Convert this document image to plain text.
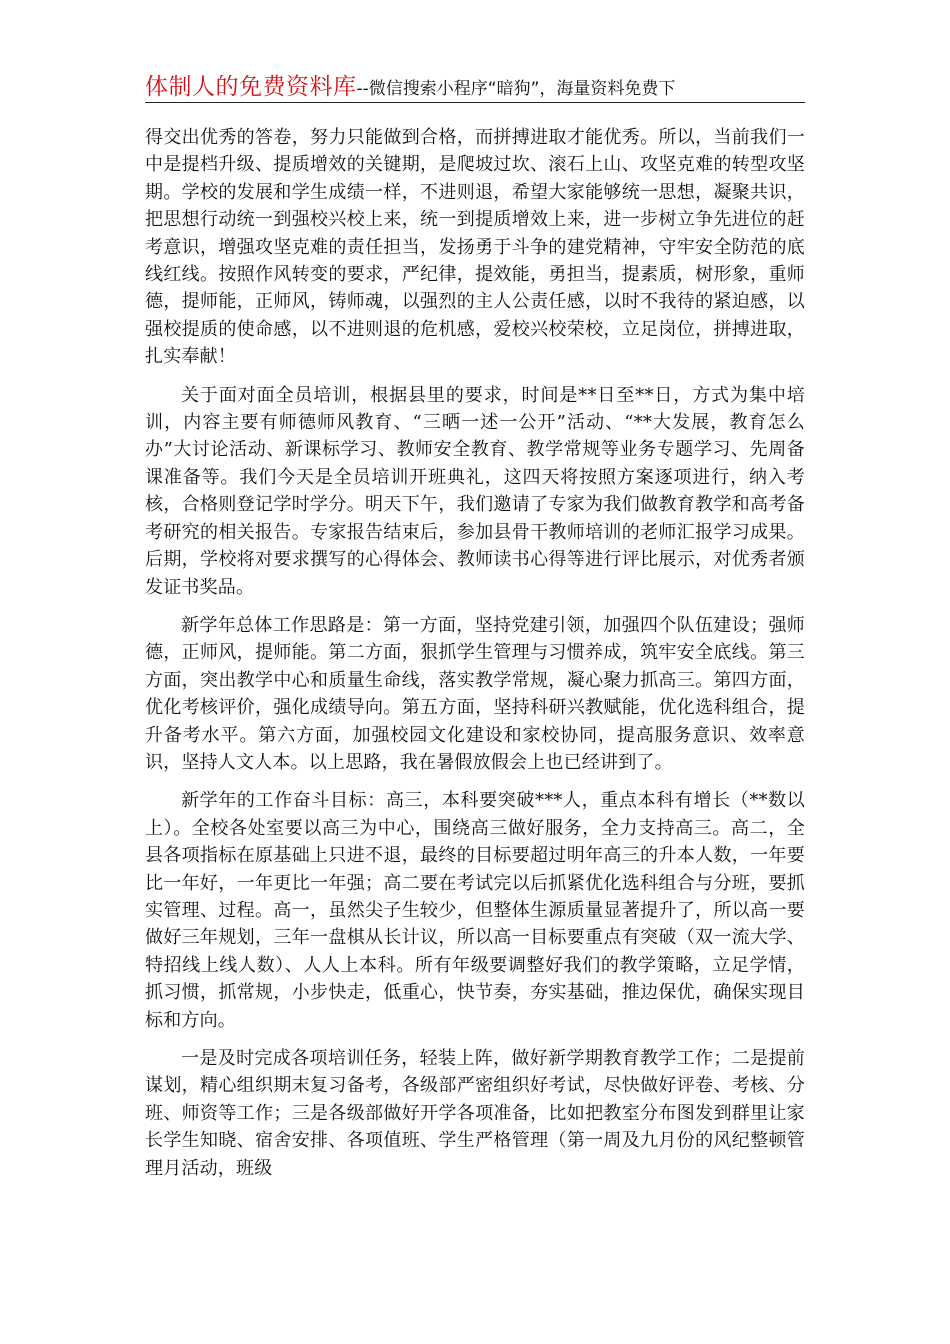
体制人的免费资料库--微信搜索小程序“暗狗”，海量资料免费下

得交出优秀的答卷，努力只能做到合格，而拼搏进取才能优秀。所以，当前我们一中是提档升级、提质增效的关键期，是爬坡过坎、滚石上山、攻坚克难的转型攻坚期。学校的发展和学生成绩一样，不进则退，希望大家能够统一思想，凝聚共识，把思想行动统一到强校兴校上来，统一到提质增效上来，进一步树立争先进位的赶考意识，增强攻坚克难的责任担当，发扬勇于斗争的建党精神，守牢安全防范的底线红线。按照作风转变的要求，严纪律，提效能，勇担当，提素质，树形象，重师德，提师能，正师风，铸师魂，以强烈的主人公责任感，以时不我待的紧迫感，以强校提质的使命感，以不进则退的危机感，爱校兴校荣校，立足岗位，拼搏进取，扎实奉献！

关于面对面全员培训，根据县里的要求，时间是**日至**日，方式为集中培训，内容主要有师德师风教育、“三晒一述一公开”活动、“**大发展，教育怎么办”大讨论活动、新课标学习、教师安全教育、教学常规等业务专题学习、先周备课准备等。我们今天是全员培训开班典礼，这四天将按照方案逐项进行，纳入考核，合格则登记学时学分。明天下午，我们邀请了专家为我们做教育教学和高考备考研究的相关报告。专家报告结束后，参加县骨干教师培训的老师汇报学习成果。后期，学校将对要求撰写的心得体会、教师读书心得等进行评比展示，对优秀者颁发证书奖品。

新学年总体工作思路是：第一方面，坚持党建引领，加强四个队伍建设；强师德，正师风，提师能。第二方面，狠抓学生管理与习惯养成，筑牢安全底线。第三方面，突出教学中心和质量生命线，落实教学常规，凝心聚力抓高三。第四方面，优化考核评价，强化成绩导向。第五方面，坚持科研兴教赋能，优化选科组合，提升备考水平。第六方面，加强校园文化建设和家校协同，提高服务意识、效率意识，坚持人文人本。以上思路，我在暑假放假会上也已经讲到了。

新学年的工作奋斗目标：高三，本科要突破***人，重点本科有增长（**数以上）。全校各处室要以高三为中心，围绕高三做好服务，全力支持高三。高二，全县各项指标在原基础上只进不退，最终的目标要超过明年高三的升本人数，一年要比一年好，一年更比一年强；高二要在考试完以后抓紧优化选科组合与分班，要抓实管理、过程。高一，虽然尖子生较少，但整体生源质量显著提升了，所以高一要做好三年规划，三年一盘棋从长计议，所以高一目标要重点有突破（双一流大学、特招线上线人数）、人人上本科。所有年级要调整好我们的教学策略，立足学情，抓习惯，抓常规，小步快走，低重心，快节奏，夯实基础，推边保优，确保实现目标和方向。

一是及时完成各项培训任务，轻装上阵，做好新学期教育教学工作；二是提前谋划，精心组织期末复习备考，各级部严密组织好考试，尽快做好评卷、考核、分班、师资等工作；三是各级部做好开学各项准备，比如把教室分布图发到群里让家长学生知晓、宿舍安排、各项值班、学生严格管理（第一周及九月份的风纪整顿管理月活动，班级
